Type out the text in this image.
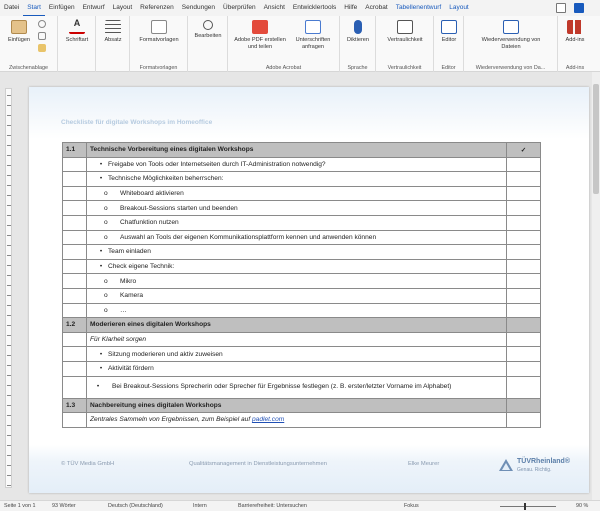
Datei	Start	Einfügen	Entwurf	Layout	Referenzen	Sendungen	Überprüfen	Ansicht	Entwicklertools	Hilfe	Acrobat	Tabellenentwurf	Layout
Einfügen
Zwischenablage
A
Schriftart	Absatz	Formatvorlagen
Formatvorlagen
Bearbeiten
Adobe PDF erstellen und teilen
Unterschriften anfragen
Adobe Acrobat
Diktieren
Sprache
Vertraulichkeit
Vertraulichkeit
Editor
Editor
Wiederverwendung von Dateien
Wiederverwendung von Da...
Add-ins
Add-ins
Checkliste für digitale Workshops im Homeoffice
1.1	Technische Vorbereitung eines digitalen Workshops	✓
	• Freigabe von Tools oder Internetseiten durch IT-Administration notwendig?	
	• Technische Möglichkeiten beherrschen:	
	o Whiteboard aktivieren	
	o Breakout-Sessions starten und beenden	
	o Chatfunktion nutzen	
	o Auswahl an Tools der eigenen Kommunikationsplattform kennen und anwenden können	
	• Team einladen	
	• Check eigene Technik:	
	o Mikro	
	o Kamera	
	o …	
1.2	Moderieren eines digitalen Workshops	
	Für Klarheit sorgen	
	• Sitzung moderieren und aktiv zuweisen	
	• Aktivität fördern	
	• Bei Breakout-Sessions Sprecherin oder Sprecher für Ergebnisse festlegen (z. B. erster/letzter Vorname im Alphabet)	
1.3	Nachbereitung eines digitalen Workshops	
	Zentrales Sammeln von Ergebnissen, zum Beispiel auf padlet.com	
© TÜV Media GmbH	Qualitätsmanagement in Dienstleistungsunternehmen	Elke Meurer	TÜVRheinland®
Genau. Richtig.
Seite 1 von 1	93 Wörter	Deutsch (Deutschland)	Intern	Barrierefreiheit: Untersuchen	Fokus	90 %
